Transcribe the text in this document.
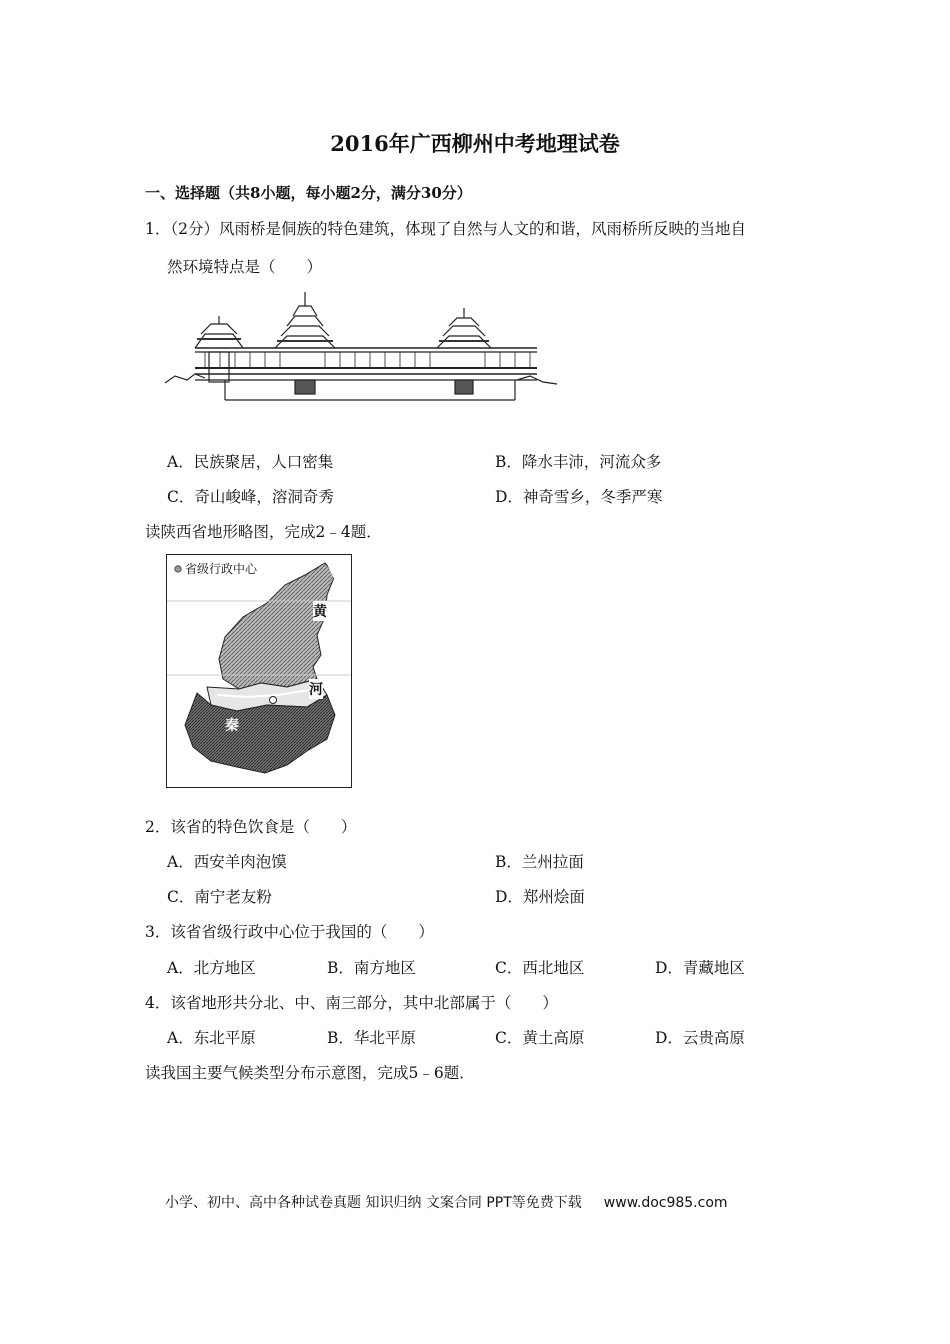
2016年广西柳州中考地理试卷
一、选择题（共8小题，每小题2分，满分30分）
1．（2分）风雨桥是侗族的特色建筑，体现了自然与人文的和谐，风雨桥所反映的当地自
然环境特点是（　　）
A．民族聚居，人口密集	B．降水丰沛，河流众多
C．奇山峻峰，溶洞奇秀	D．神奇雪乡，冬季严寒
读陕西省地形略图，完成2﹣4题．
省级行政中心
黄
河
秦
2．该省的特色饮食是（　　）
A．西安羊肉泡馍	B．兰州拉面
C．南宁老友粉	D．郑州烩面
3．该省省级行政中心位于我国的（　　）
A．北方地区	B．南方地区	C．西北地区	D．青藏地区
4．该省地形共分北、中、南三部分，其中北部属于（　　）
A．东北平原	B．华北平原	C．黄土高原	D．云贵高原
读我国主要气候类型分布示意图，完成5﹣6题．
小学、初中、高中各种试卷真题 知识归纳 文案合同 PPT等免费下载 www.doc985.com
